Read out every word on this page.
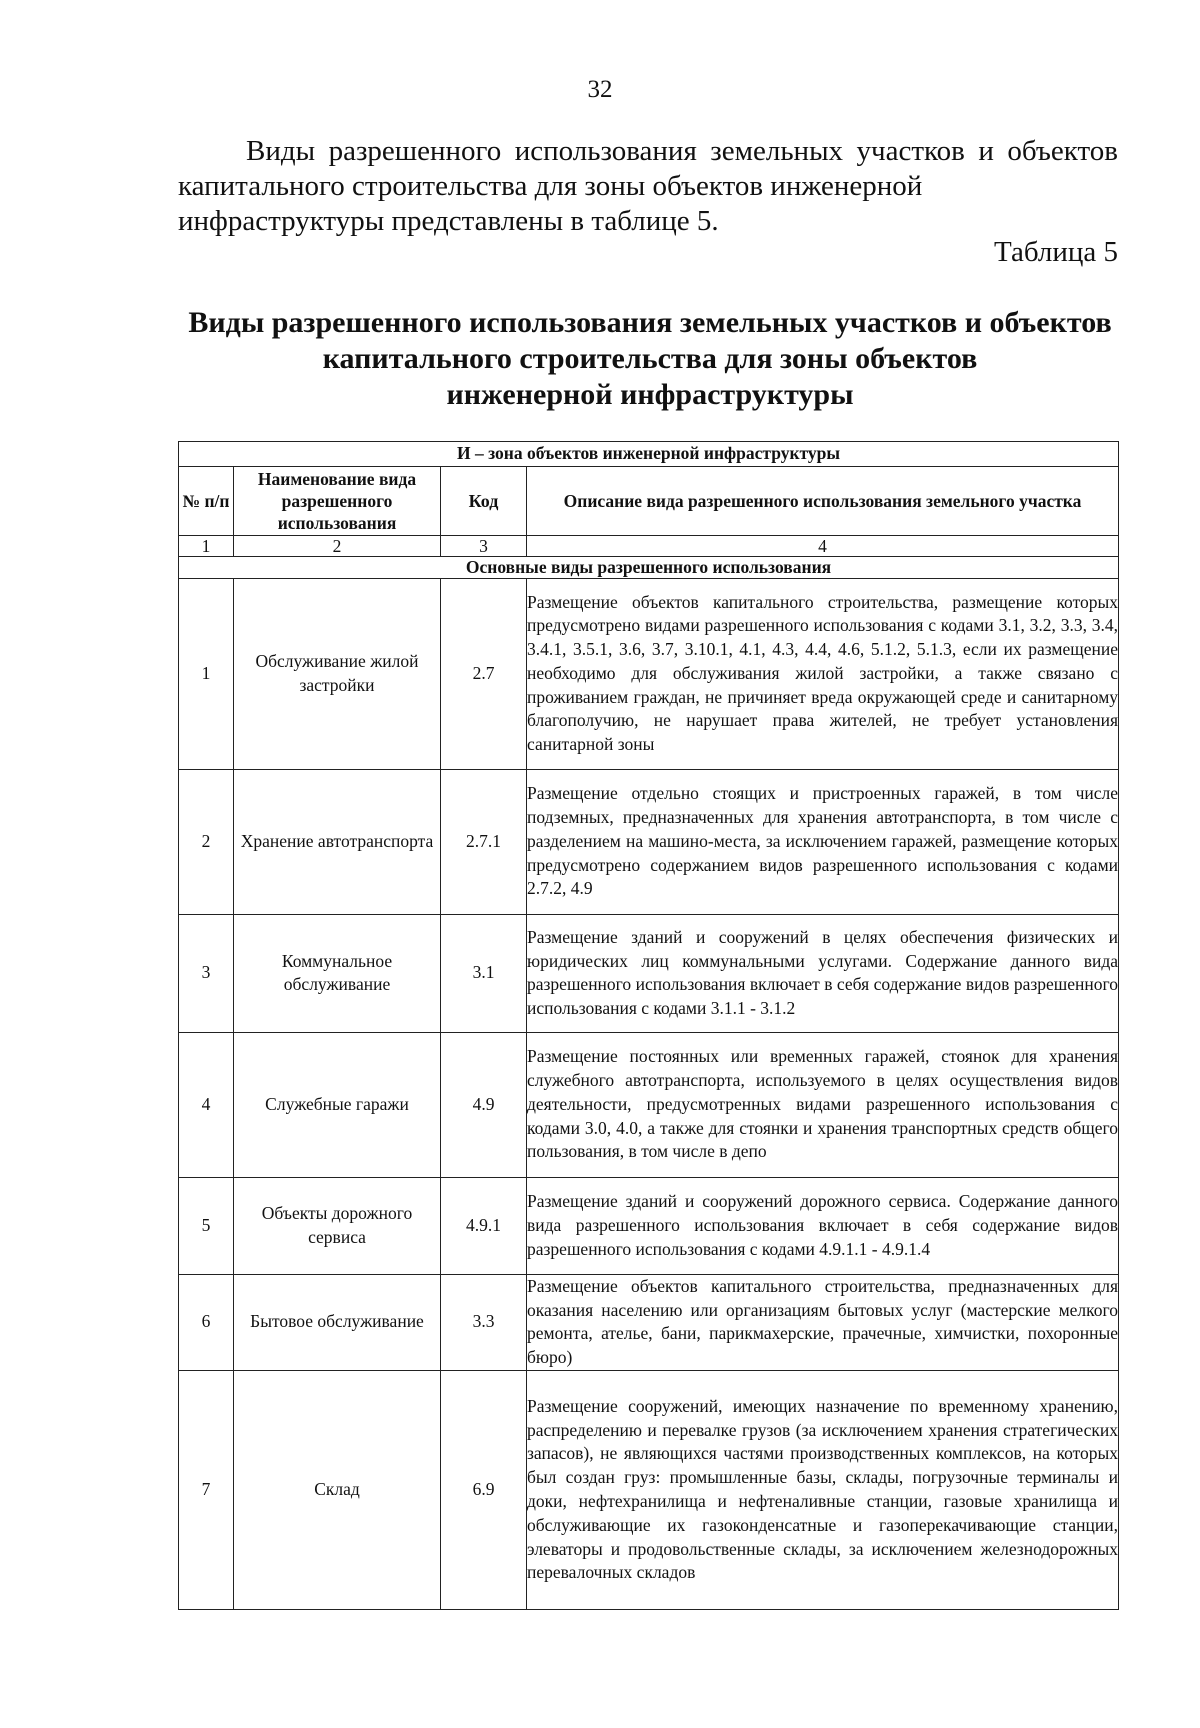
32
Виды разрешенного использования земельных участков и объектов капитального строительства для зоны объектов инженерной
инфраструктуры представлены в таблице 5.
Таблица 5
Виды разрешенного использования земельных участков и объектов
капитального строительства для зоны объектов
инженерной инфраструктуры
И – зона объектов инженерной инфраструктуры			
№ п/п	Наименование вида разрешенного использования	Код	Описание вида разрешенного использования земельного участка
1	2	3	4
Основные виды разрешенного использования			
1	Обслуживание жилой застройки	2.7	Размещение объектов капитального строительства, размещение которых предусмотрено видами разрешенного использования с кодами 3.1, 3.2, 3.3, 3.4, 3.4.1, 3.5.1, 3.6, 3.7, 3.10.1, 4.1, 4.3, 4.4, 4.6, 5.1.2, 5.1.3, если их размещение необходимо для обслуживания жилой застройки, а также связано с проживанием граждан, не причиняет вреда окружающей среде и санитарному благополучию, не нарушает права жителей, не требует установления санитарной зоны
2	Хранение автотранспорта	2.7.1	Размещение отдельно стоящих и пристроенных гаражей, в том числе подземных, предназначенных для хранения автотранспорта, в том числе с разделением на машино-места, за исключением гаражей, размещение которых предусмотрено содержанием видов разрешенного использования с кодами 2.7.2, 4.9
3	Коммунальное обслуживание	3.1	Размещение зданий и сооружений в целях обеспечения физических и юридических лиц коммунальными услугами. Содержание данного вида разрешенного использования включает в себя содержание видов разрешенного использования с кодами 3.1.1 - 3.1.2
4	Служебные гаражи	4.9	Размещение постоянных или временных гаражей, стоянок для хранения служебного автотранспорта, используемого в целях осуществления видов деятельности, предусмотренных видами разрешенного использования с кодами 3.0, 4.0, а также для стоянки и хранения транспортных средств общего пользования, в том числе в депо
5	Объекты дорожного сервиса	4.9.1	Размещение зданий и сооружений дорожного сервиса. Содержание данного вида разрешенного использования включает в себя содержание видов разрешенного использования с кодами 4.9.1.1 - 4.9.1.4
6	Бытовое обслуживание	3.3	Размещение объектов капитального строительства, предназначенных для оказания населению или организациям бытовых услуг (мастерские мелкого ремонта, ателье, бани, парикмахерские, прачечные, химчистки, похоронные бюро)
7	Склад	6.9	Размещение сооружений, имеющих назначение по временному хранению, распределению и перевалке грузов (за исключением хранения стратегических запасов), не являющихся частями производственных комплексов, на которых был создан груз: промышленные базы, склады, погрузочные терминалы и доки, нефтехранилища и нефтеналивные станции, газовые хранилища и обслуживающие их газоконденсатные и газоперекачивающие станции, элеваторы и продовольственные склады, за исключением железнодорожных перевалочных складов
